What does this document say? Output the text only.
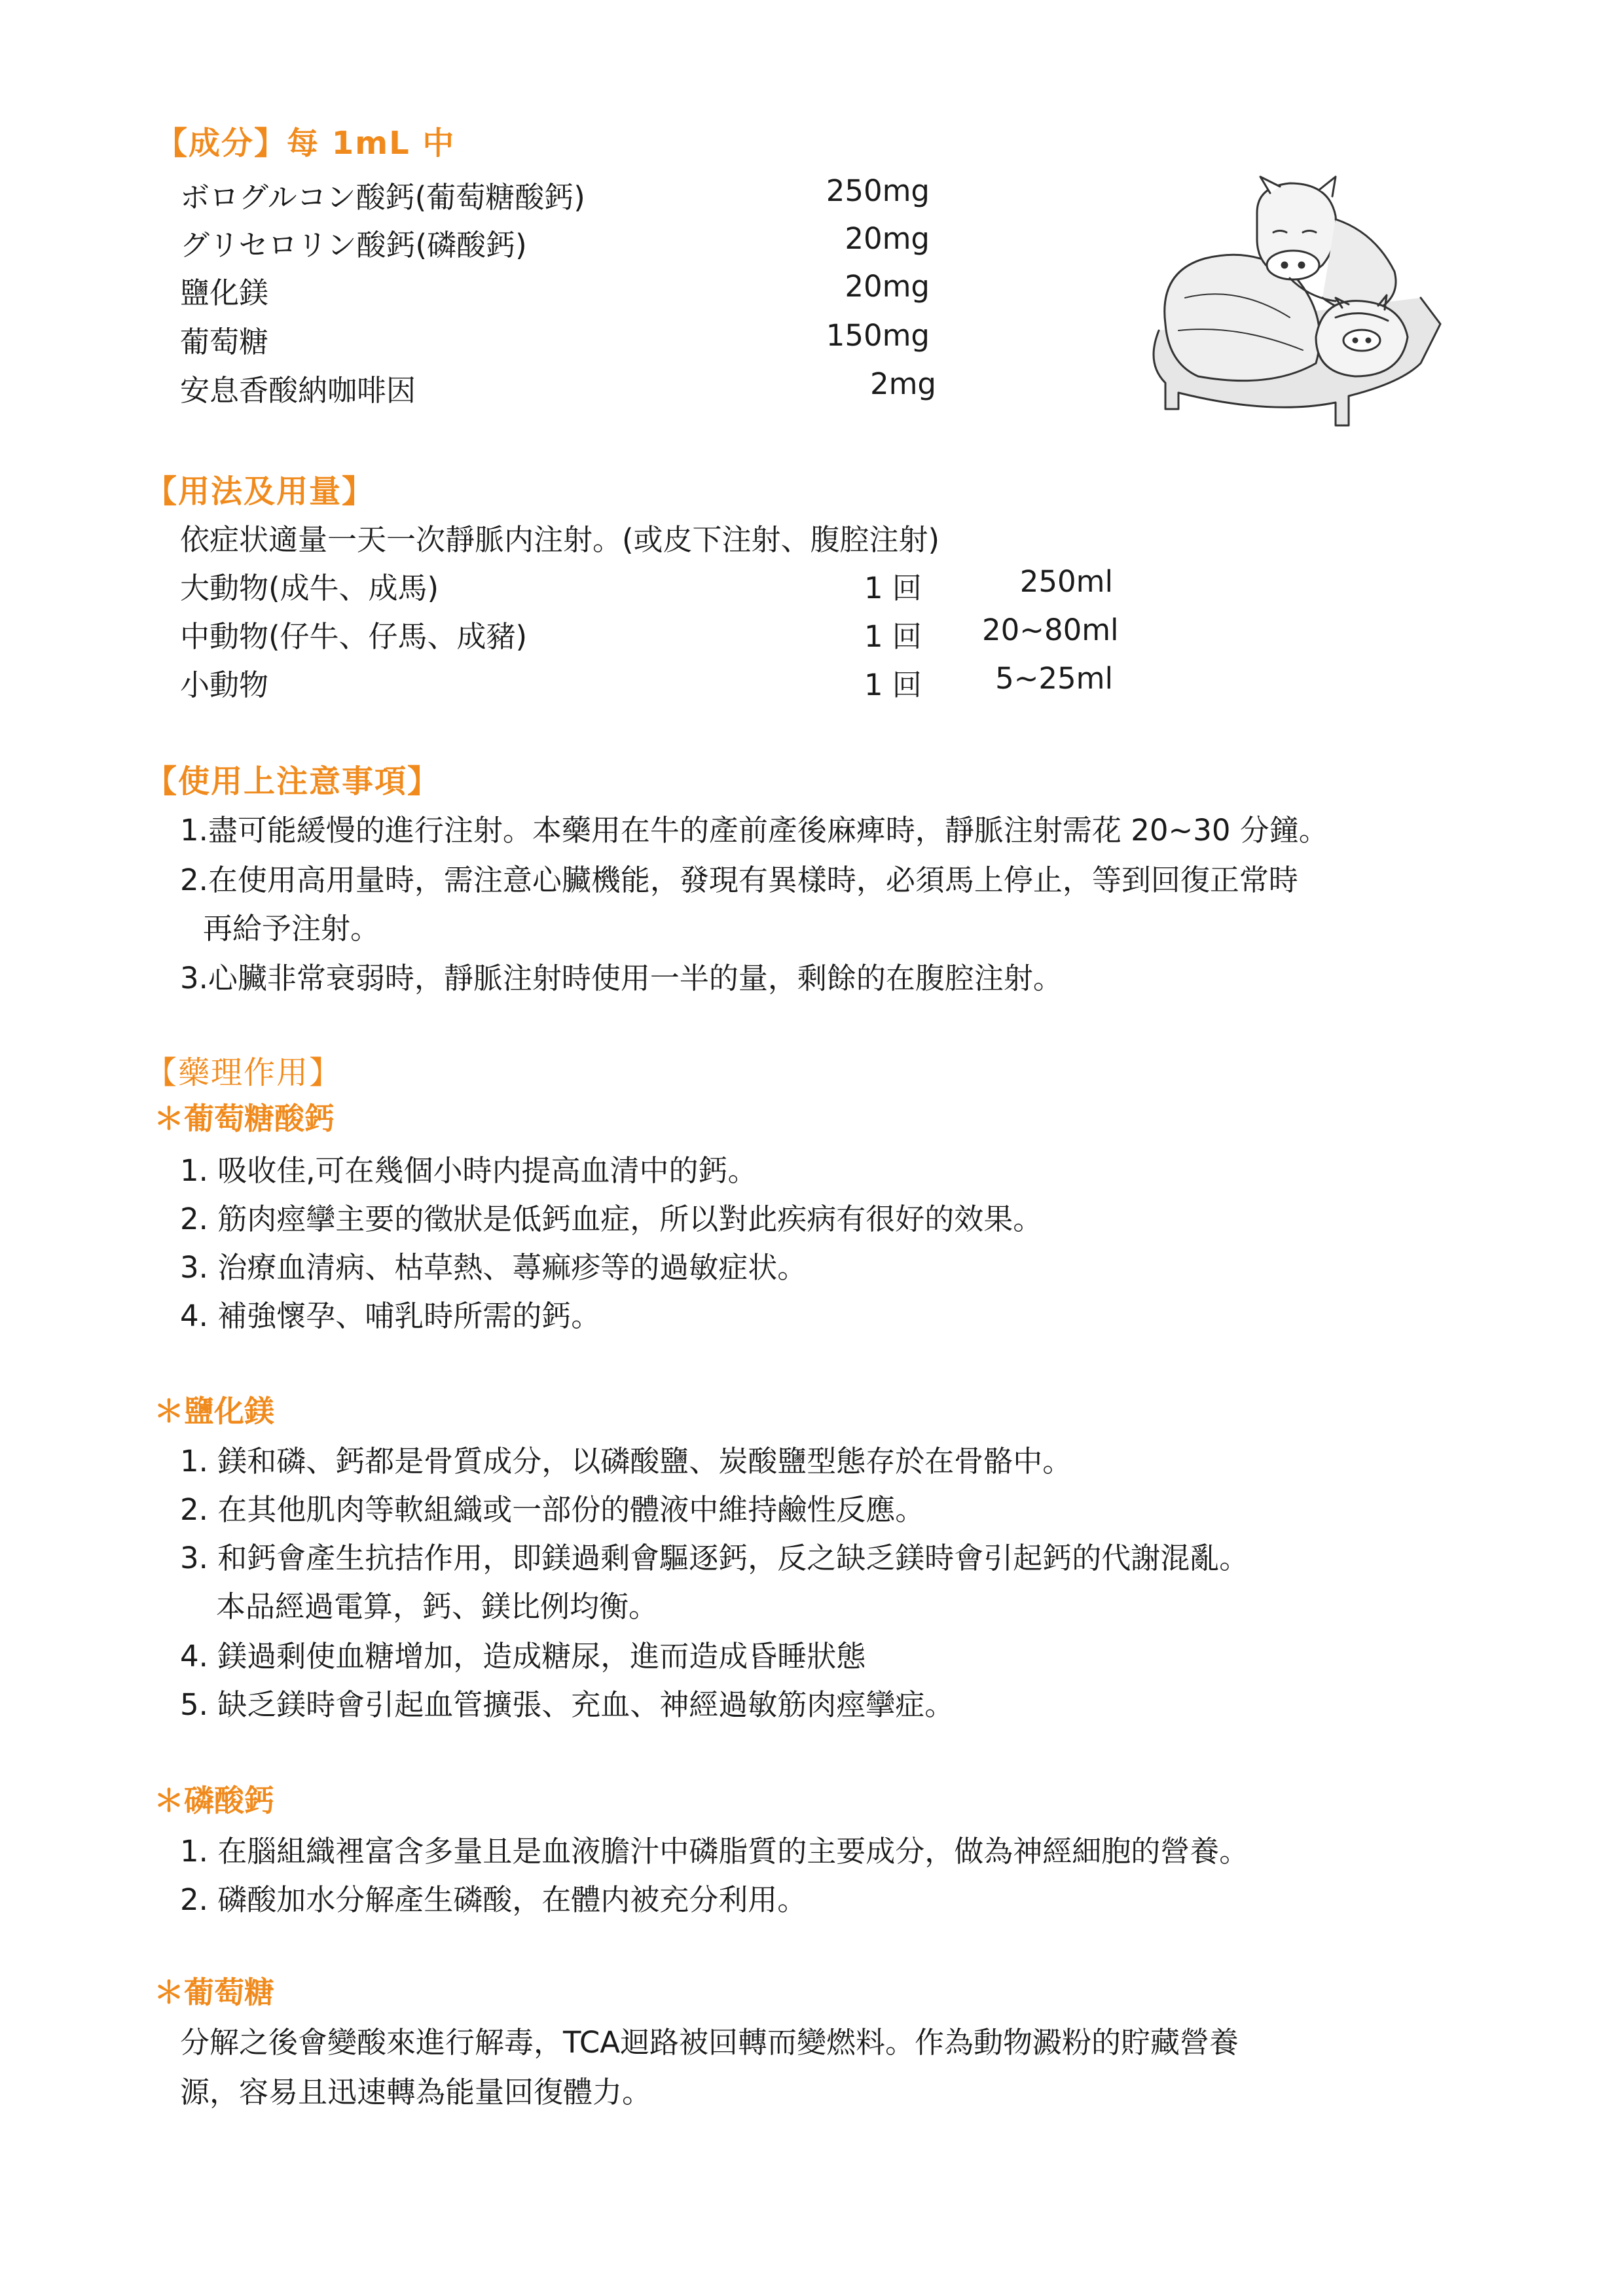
【成分】每 1mL 中
ボログルコン酸鈣(葡萄糖酸鈣)	250mg
グリセロリン酸鈣(磷酸鈣)	20mg
鹽化鎂	20mg
葡萄糖	150mg
安息香酸納咖啡因	2mg
【用法及用量】
依症状適量一天一次靜脈内注射。(或皮下注射、腹腔注射)
大動物(成牛、成馬)	1 回	250ml
中動物(仔牛、仔馬、成豬)	1 回 20~80ml
小動物	1 回	5~25ml
【使用上注意事項】
1.盡可能緩慢的進行注射。本藥用在牛的產前產後麻痺時，靜脈注射需花 20~30 分鐘。
2.在使用高用量時，需注意心臟機能，發現有異樣時，必須馬上停止，等到回復正常時
再給予注射。
3.心臟非常衰弱時，靜脈注射時使用一半的量，剩餘的在腹腔注射。
【藥理作用】
＊葡萄糖酸鈣
1. 吸收佳,可在幾個小時内提高血清中的鈣。
2. 筋肉痙攣主要的徵狀是低鈣血症，所以對此疾病有很好的效果。
3. 治療血清病、枯草熱、蕁痲疹等的過敏症状。
4. 補強懷孕、哺乳時所需的鈣。
＊鹽化鎂
1. 鎂和磷、鈣都是骨質成分，以磷酸鹽、炭酸鹽型態存於在骨骼中。
2. 在其他肌肉等軟組織或一部份的體液中維持鹼性反應。
3. 和鈣會產生抗拮作用，即鎂過剩會驅逐鈣，反之缺乏鎂時會引起鈣的代謝混亂。
本品經過電算，鈣、鎂比例均衡。
4. 鎂過剩使血糖增加，造成糖尿，進而造成昏睡狀態
5. 缺乏鎂時會引起血管擴張、充血、神經過敏筋肉痙攣症。
＊磷酸鈣
1. 在腦組織裡富含多量且是血液膽汁中磷脂質的主要成分，做為神經細胞的營養。
2. 磷酸加水分解產生磷酸，在體内被充分利用。
＊葡萄糖
分解之後會變酸來進行解毒，TCA迴路被回轉而變燃料。作為動物澱粉的貯藏營養
源，容易且迅速轉為能量回復體力。
